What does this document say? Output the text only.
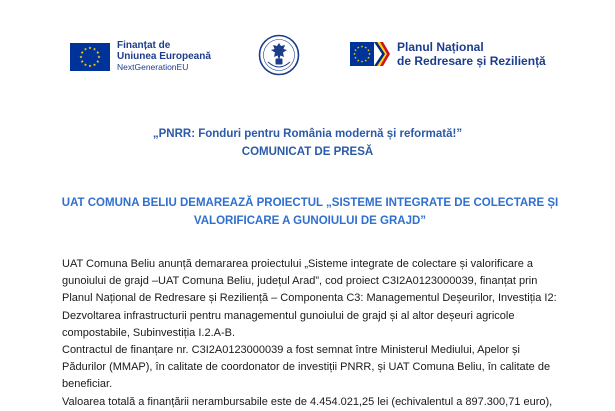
Finanțat de
Uniunea Europeană
NextGenerationEU
Planul Național
de Redresare și Reziliență
„PNRR: Fonduri pentru România modernă și reformată!”
COMUNICAT DE PRESĂ
UAT COMUNA BELIU DEMAREAZĂ PROIECTUL „SISTEME INTEGRATE DE COLECTARE ȘI
VALORIFICARE A GUNOIULUI DE GRAJD”
UAT Comuna Beliu anunță demararea proiectului „Sisteme integrate de colectare și valorificare a
gunoiului de grajd –UAT Comuna Beliu, județul Arad”, cod proiect C3I2A0123000039, finanțat prin
Planul Național de Redresare și Reziliență – Componenta C3: Managementul Deșeurilor, Investiția I2:
Dezvoltarea infrastructurii pentru managementul gunoiului de grajd și al altor deșeuri agricole
compostabile, Subinvestiția I.2.A-B.
Contractul de finanțare nr. C3I2A0123000039 a fost semnat între Ministerul Mediului, Apelor și
Pădurilor (MMAP), în calitate de coordonator de investiții PNRR, și UAT Comuna Beliu, în calitate de
beneficiar.
Valoarea totală a finanțării nerambursabile este de 4.454.021,25 lei (echivalentul a 897.300,71 euro),
